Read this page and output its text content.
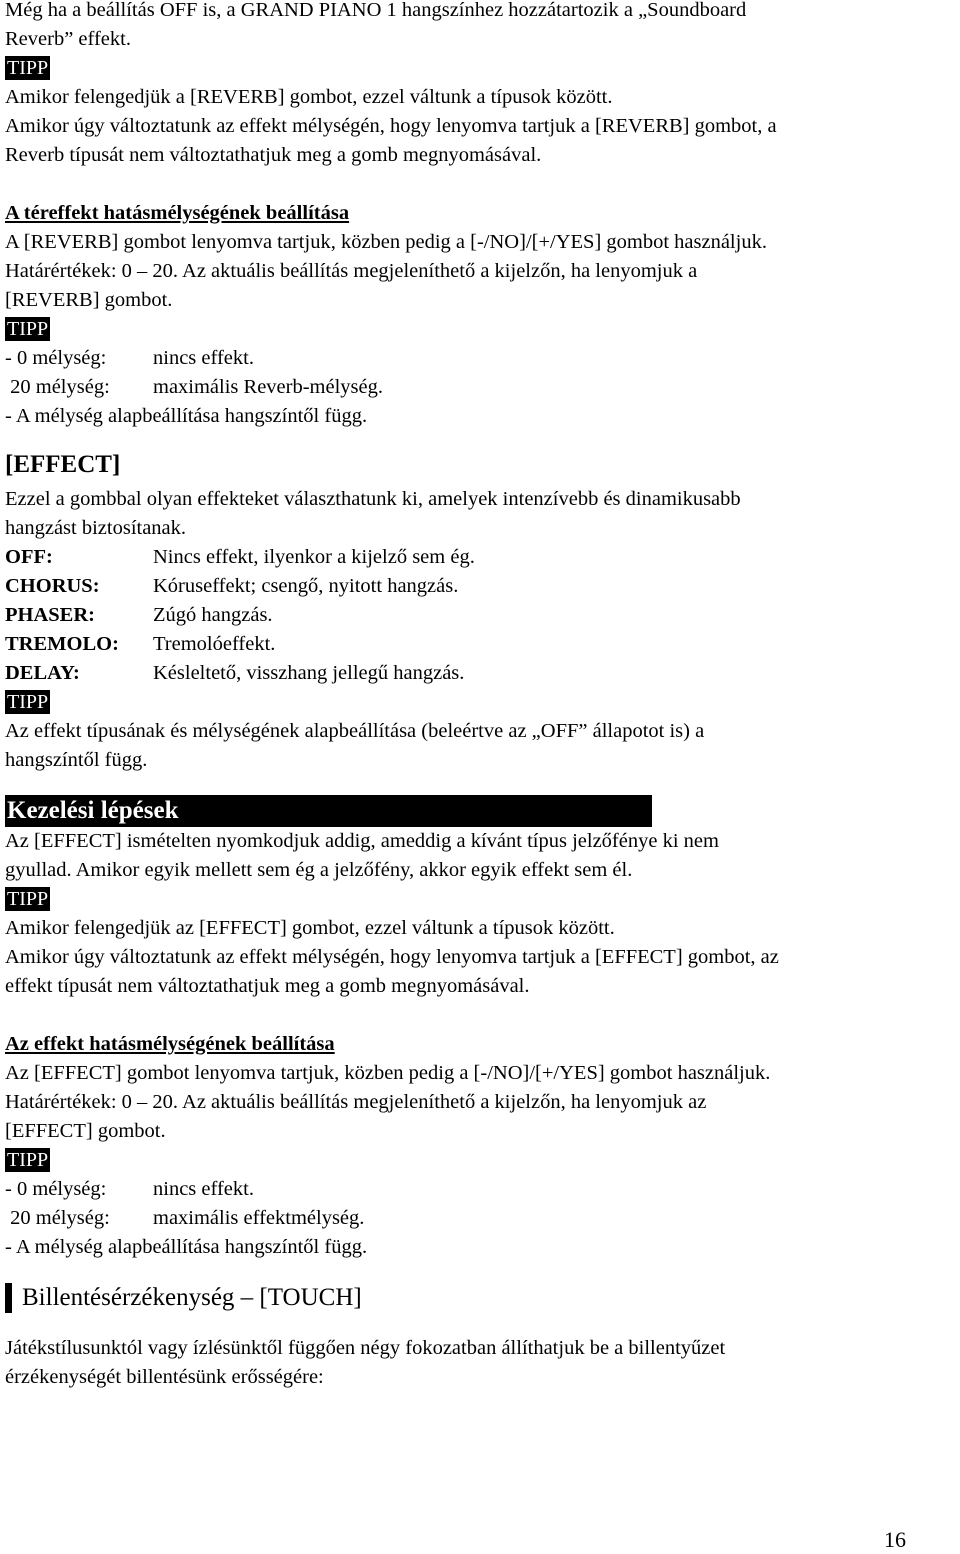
Még ha a beállítás OFF is, a GRAND PIANO 1 hangszínhez hozzátartozik a „Soundboard
Reverb” effekt.
TIPP
Amikor felengedjük a [REVERB] gombot, ezzel váltunk a típusok között.
Amikor úgy változtatunk az effekt mélységén, hogy lenyomva tartjuk a [REVERB] gombot, a
Reverb típusát nem változtathatjuk meg a gomb megnyomásával.
A téreffekt hatásmélységének beállítása
A [REVERB] gombot lenyomva tartjuk, közben pedig a [-/NO]/[+/YES] gombot használjuk.
Határértékek: 0 – 20. Az aktuális beállítás megjeleníthető a kijelzőn, ha lenyomjuk a
[REVERB] gombot.
TIPP
- 0 mélység:	nincs effekt.
20 mélység:	maximális Reverb-mélység.
- A mélység alapbeállítása hangszíntől függ.
[EFFECT]
Ezzel a gombbal olyan effekteket választhatunk ki, amelyek intenzívebb és dinamikusabb
hangzást biztosítanak.
OFF:	Nincs effekt, ilyenkor a kijelző sem ég.
CHORUS:	Kóruseffekt; csengő, nyitott hangzás.
PHASER:	Zúgó hangzás.
TREMOLO:	Tremolóeffekt.
DELAY:	Késleltető, visszhang jellegű hangzás.
TIPP
Az effekt típusának és mélységének alapbeállítása (beleértve az „OFF” állapotot is) a
hangszíntől függ.
Kezelési lépések
Az [EFFECT] ismételten nyomkodjuk addig, ameddig a kívánt típus jelzőfénye ki nem
gyullad. Amikor egyik mellett sem ég a jelzőfény, akkor egyik effekt sem él.
TIPP
Amikor felengedjük az [EFFECT] gombot, ezzel váltunk a típusok között.
Amikor úgy változtatunk az effekt mélységén, hogy lenyomva tartjuk a [EFFECT] gombot, az
effekt típusát nem változtathatjuk meg a gomb megnyomásával.
Az effekt hatásmélységének beállítása
Az [EFFECT] gombot lenyomva tartjuk, közben pedig a [-/NO]/[+/YES] gombot használjuk.
Határértékek: 0 – 20. Az aktuális beállítás megjeleníthető a kijelzőn, ha lenyomjuk az
[EFFECT] gombot.
TIPP
- 0 mélység:	nincs effekt.
20 mélység:	maximális effektmélység.
- A mélység alapbeállítása hangszíntől függ.
Billentésérzékenység – [TOUCH]
Játékstílusunktól vagy ízlésünktől függően négy fokozatban állíthatjuk be a billentyűzet
érzékenységét billentésünk erősségére:
16
